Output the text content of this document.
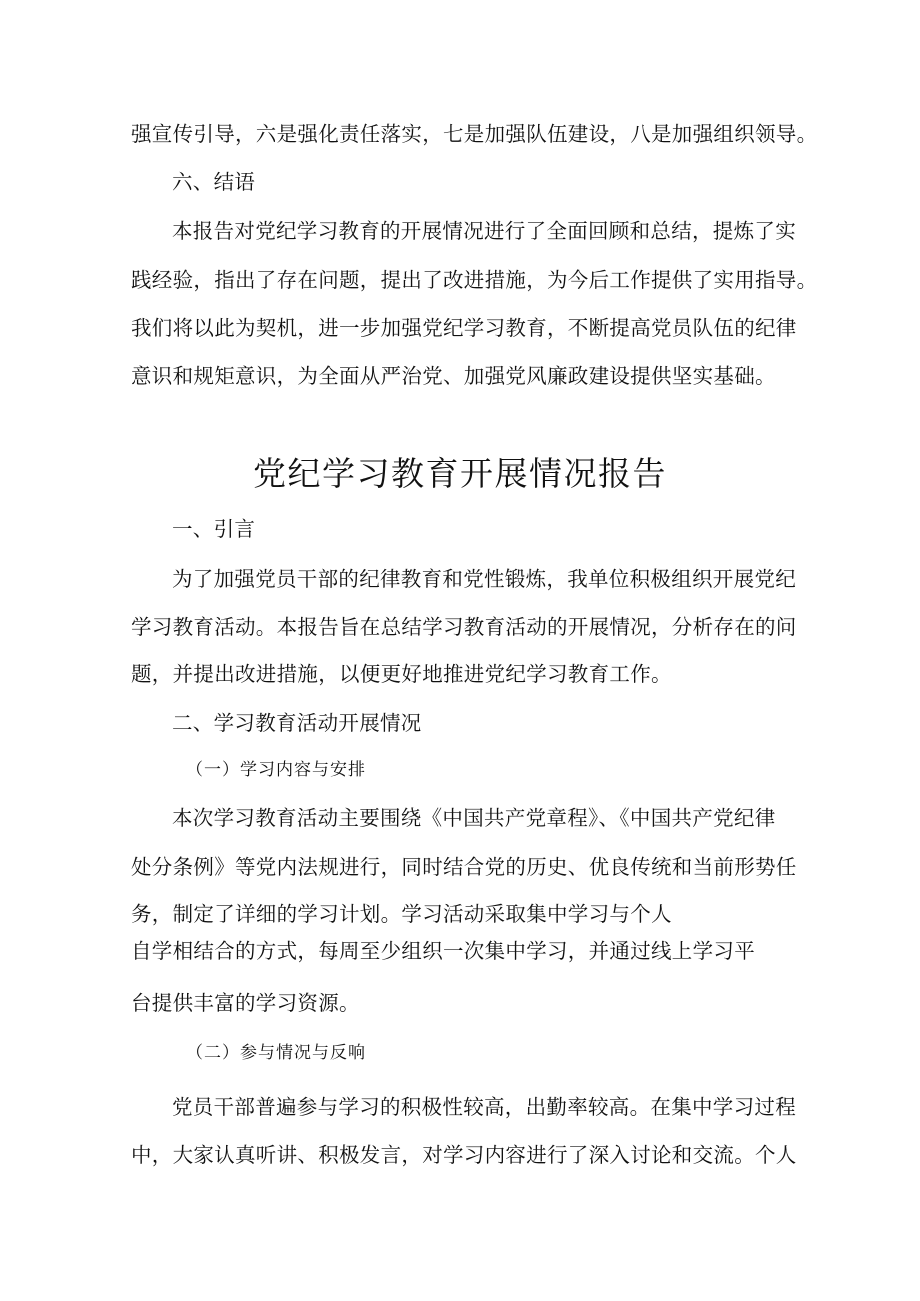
强宣传引导，六是强化责任落实，七是加强队伍建设，八是加强组织领导。
六、结语
本报告对党纪学习教育的开展情况进行了全面回顾和总结，提炼了实
践经验，指出了存在问题，提出了改进措施，为今后工作提供了实用指导。
我们将以此为契机，进一步加强党纪学习教育，不断提高党员队伍的纪律
意识和规矩意识，为全面从严治党、加强党风廉政建设提供坚实基础。
党纪学习教育开展情况报告
一、引言
为了加强党员干部的纪律教育和党性锻炼，我单位积极组织开展党纪
学习教育活动。本报告旨在总结学习教育活动的开展情况，分析存在的问
题，并提出改进措施，以便更好地推进党纪学习教育工作。
二、学习教育活动开展情况
（一）学习内容与安排
本次学习教育活动主要围绕《中国共产党章程》、《中国共产党纪律
处分条例》等党内法规进行，同时结合党的历史、优良传统和当前形势任
务，制定了详细的学习计划。学习活动采取集中学习与个人
自学相结合的方式，每周至少组织一次集中学习，并通过线上学习平
台提供丰富的学习资源。
（二）参与情况与反响
党员干部普遍参与学习的积极性较高，出勤率较高。在集中学习过程
中，大家认真听讲、积极发言，对学习内容进行了深入讨论和交流。个人
